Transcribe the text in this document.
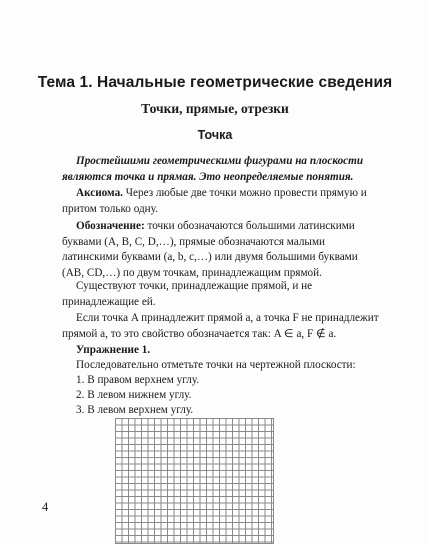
Тема 1. Начальные геометрические сведения
Точки, прямые, отрезки
Точка
Простейшими геометрическими фигурами на плоскости являются точка и прямая. Это неопределяемые понятия.
Аксиома. Через любые две точки можно провести прямую и притом только одну.
Обозначение: точки обозначаются большими латинскими буквами (A, B, C, D,…), прямые обозначаются малыми латинскими буквами (a, b, c,…) или двумя большими буквами (AB, CD,…) по двум точкам, принадлежащим прямой.
Существуют точки, принадлежащие прямой, и не принадлежащие ей.
Если точка A принадлежит прямой a, а точка F не принадлежит прямой a, то это свойство обозначается так: A ∈ a, F ∉ a.
Упражнение 1.
Последовательно отметьте точки на чертежной плоскости:
1. В правом верхнем углу.
2. В левом нижнем углу.
3. В левом верхнем углу.
4
